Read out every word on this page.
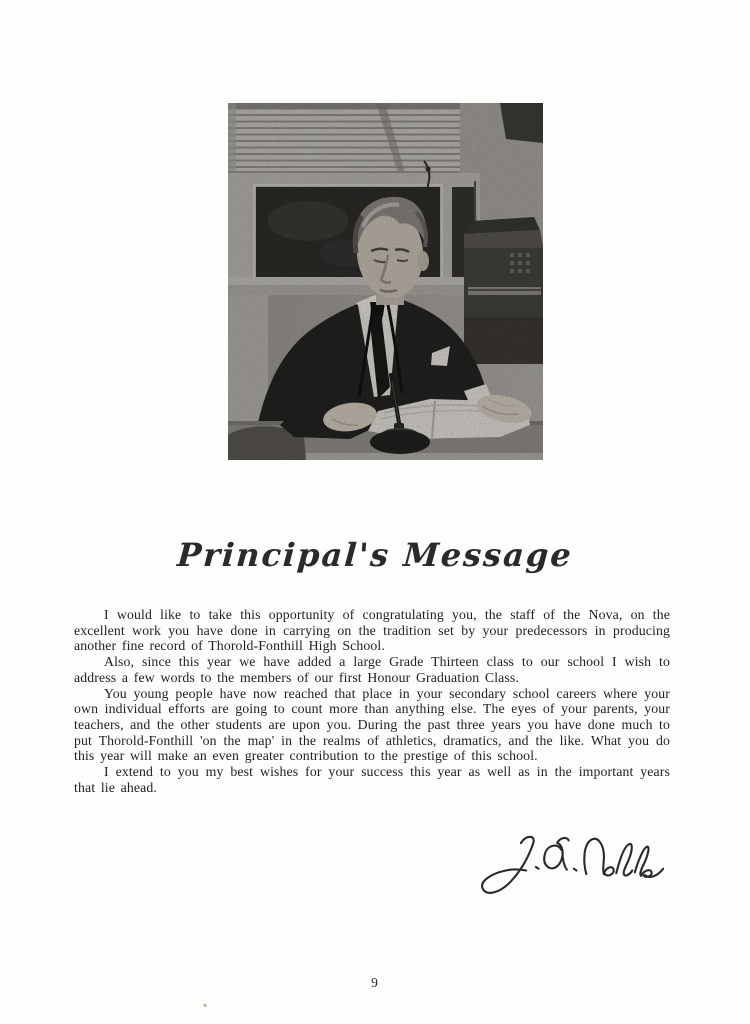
Principal's Message

I would like to take this opportunity of congratulating you, the staff of the Nova, on the excellent work you have done in carrying on the tradition set by your predecessors in producing another fine record of Thorold-Fonthill High School.

Also, since this year we have added a large Grade Thirteen class to our school I wish to address a few words to the members of our first Honour Graduation Class.

You young people have now reached that place in your secondary school careers where your own individual efforts are going to count more than anything else. The eyes of your parents, your teachers, and the other students are upon you. During the past three years you have done much to put Thorold-Fonthill 'on the map' in the realms of athletics, dramatics, and the like. What you do this year will make an even greater contribution to the prestige of this school.

I extend to you my best wishes for your success this year as well as in the important years that lie ahead.

9
